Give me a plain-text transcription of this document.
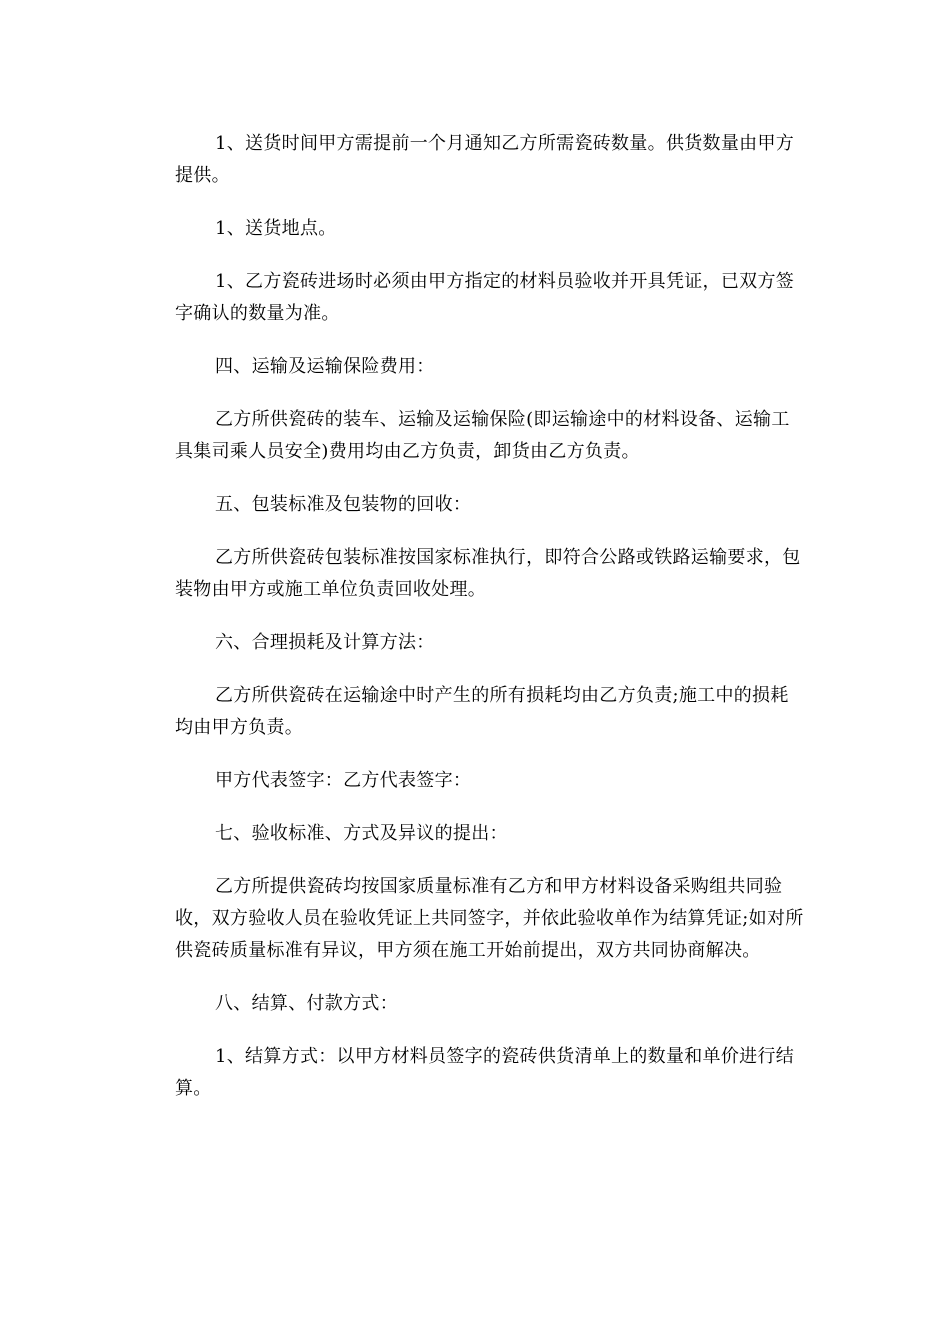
1、送货时间甲方需提前一个月通知乙方所需瓷砖数量。供货数量由甲方提供。

1、送货地点。

1、乙方瓷砖进场时必须由甲方指定的材料员验收并开具凭证，已双方签字确认的数量为准。

四、运输及运输保险费用：

乙方所供瓷砖的装车、运输及运输保险(即运输途中的材料设备、运输工具集司乘人员安全)费用均由乙方负责，卸货由乙方负责。

五、包装标准及包装物的回收：

乙方所供瓷砖包装标准按国家标准执行，即符合公路或铁路运输要求，包装物由甲方或施工单位负责回收处理。

六、合理损耗及计算方法：

乙方所供瓷砖在运输途中时产生的所有损耗均由乙方负责;施工中的损耗均由甲方负责。

甲方代表签字：乙方代表签字：

七、验收标准、方式及异议的提出：

乙方所提供瓷砖均按国家质量标准有乙方和甲方材料设备采购组共同验收，双方验收人员在验收凭证上共同签字，并依此验收单作为结算凭证;如对所供瓷砖质量标准有异议，甲方须在施工开始前提出，双方共同协商解决。

八、结算、付款方式：

1、结算方式：以甲方材料员签字的瓷砖供货清单上的数量和单价进行结算。
